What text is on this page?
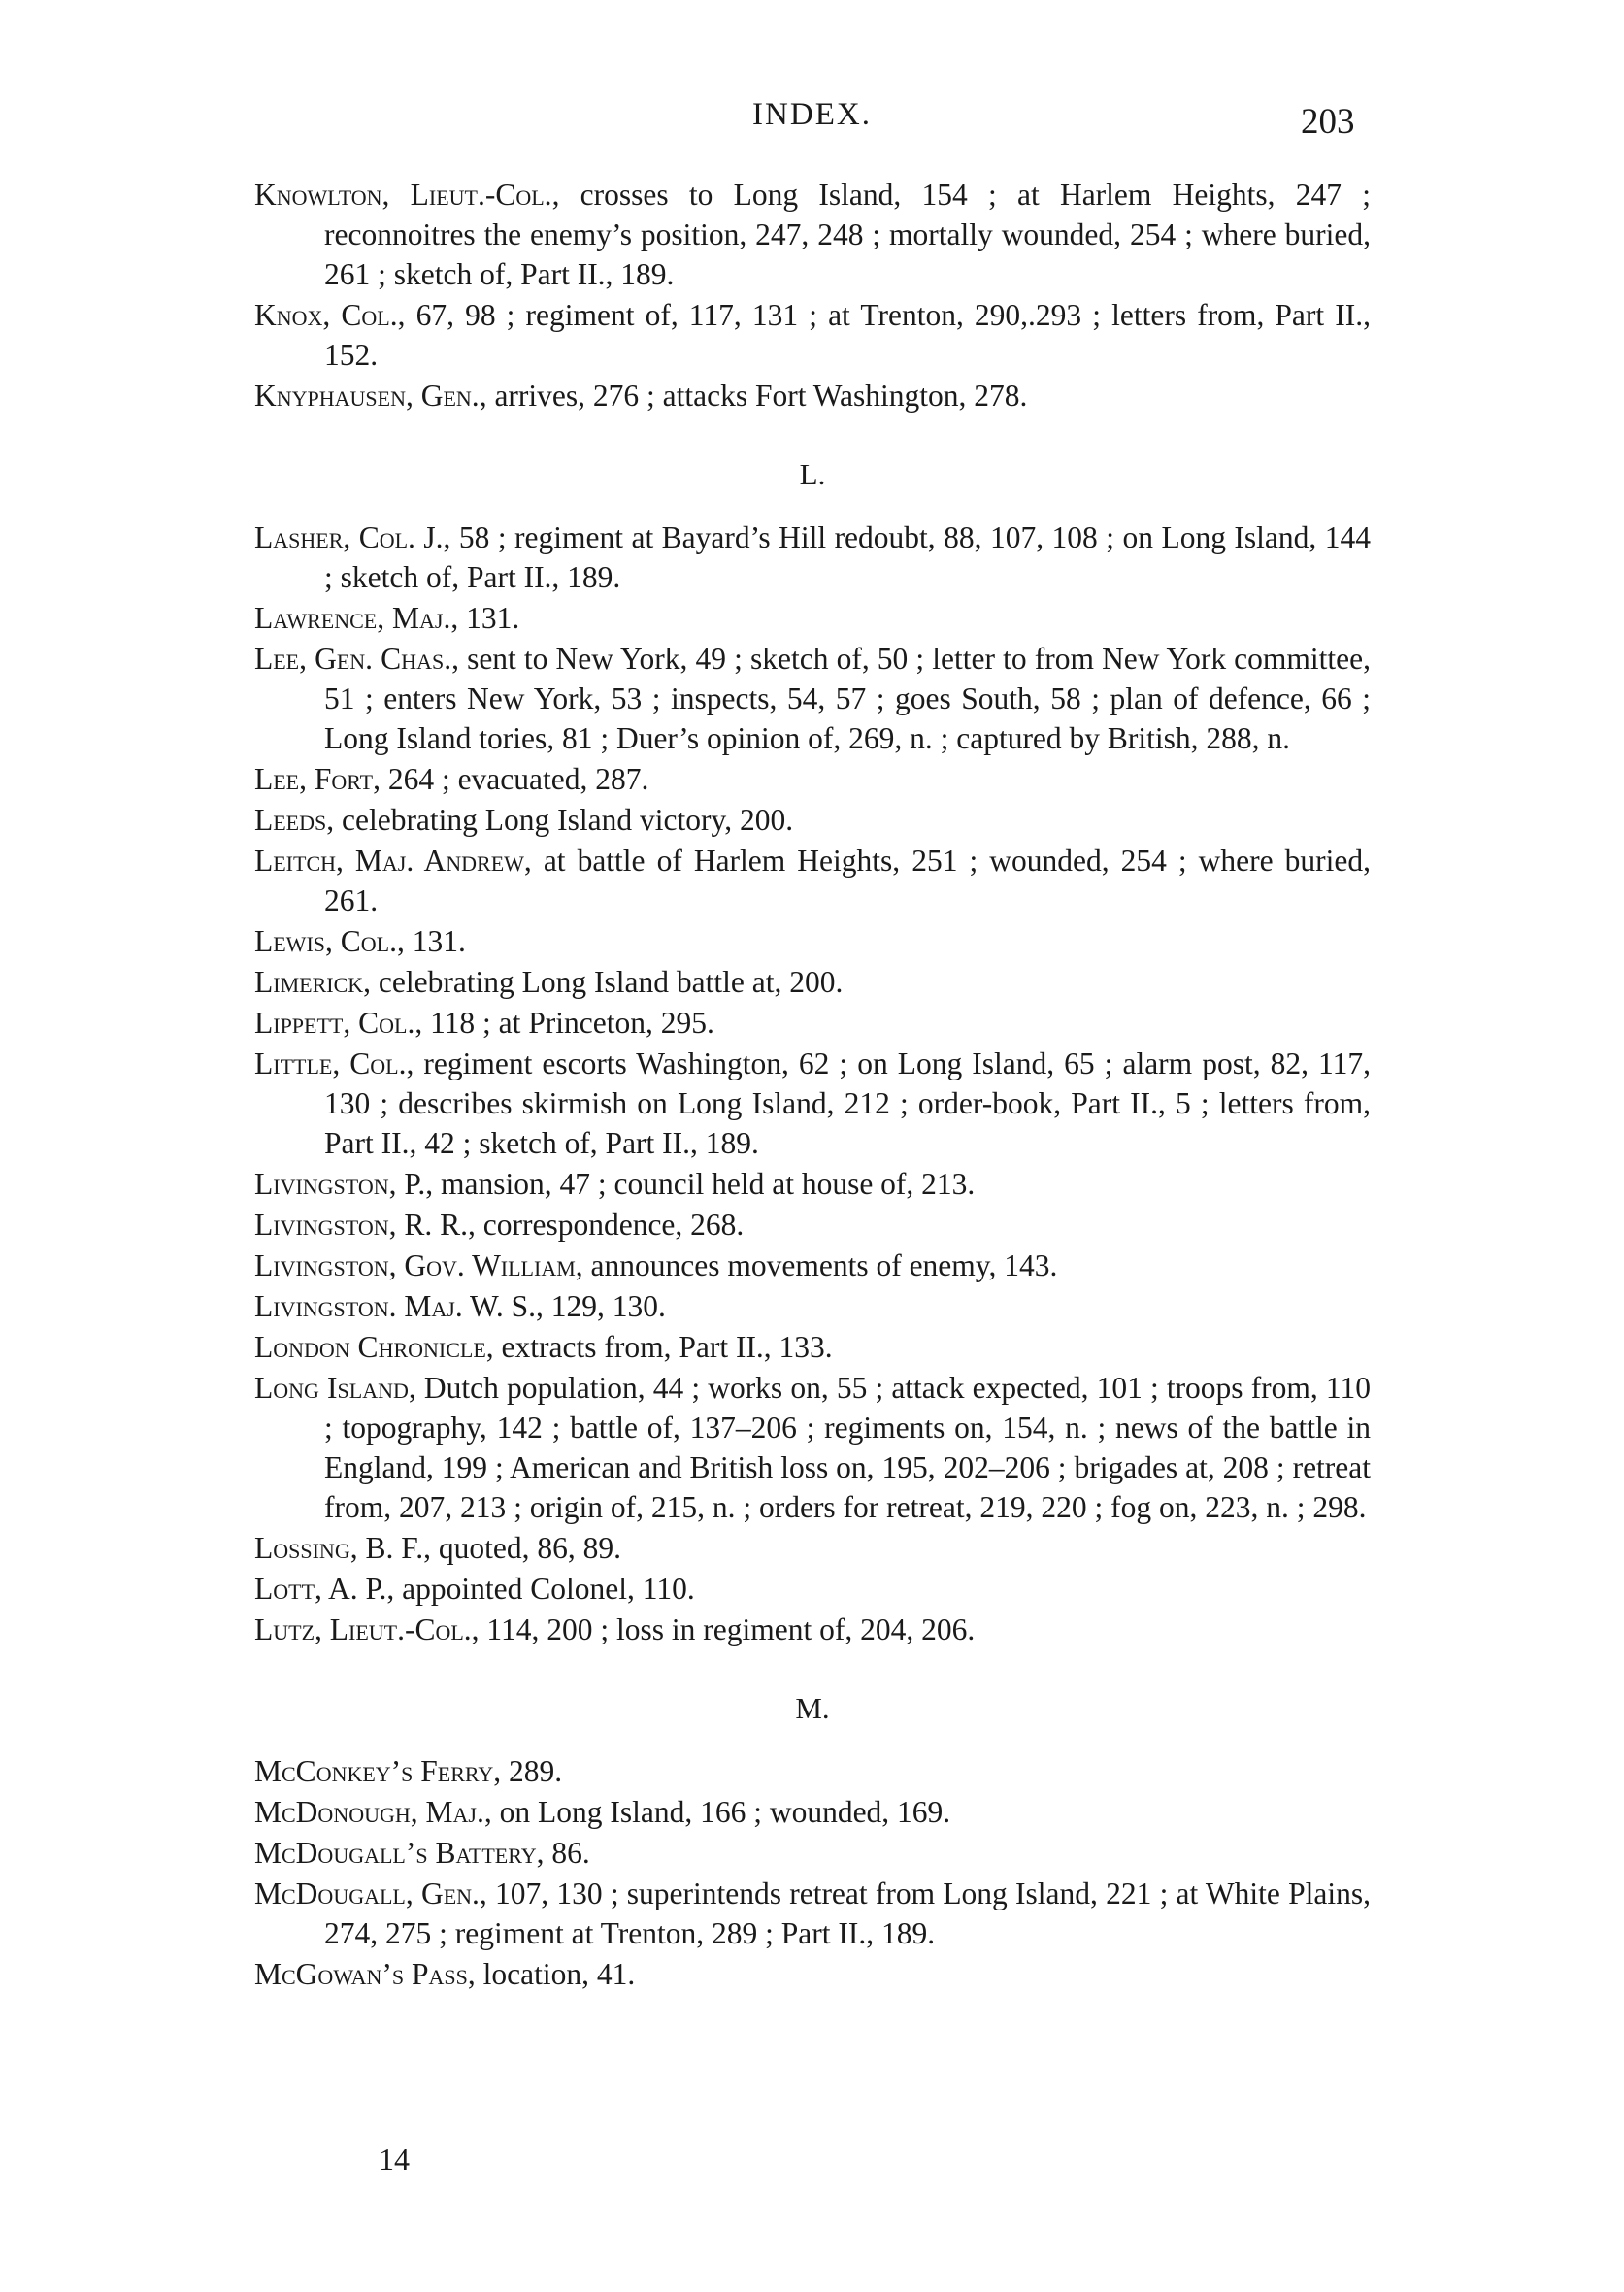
INDEX.	203

Knowlton, Lieut.-Col., crosses to Long Island, 154 ; at Harlem Heights, 247 ; reconnoitres the enemy’s position, 247, 248 ; mortally wounded, 254 ; where buried, 261 ; sketch of, Part II., 189.

Knox, Col., 67, 98 ; regiment of, 117, 131 ; at Trenton, 290,.293 ; letters from, Part II., 152.

Knyphausen, Gen., arrives, 276 ; attacks Fort Washington, 278.

L.

Lasher, Col. J., 58 ; regiment at Bayard’s Hill redoubt, 88, 107, 108 ; on Long Island, 144 ; sketch of, Part II., 189.

Lawrence, Maj., 131.

Lee, Gen. Chas., sent to New York, 49 ; sketch of, 50 ; letter to from New York committee, 51 ; enters New York, 53 ; inspects, 54, 57 ; goes South, 58 ; plan of defence, 66 ; Long Island tories, 81 ; Duer’s opinion of, 269, n. ; captured by British, 288, n.

Lee, Fort, 264 ; evacuated, 287.

Leeds, celebrating Long Island victory, 200.

Leitch, Maj. Andrew, at battle of Harlem Heights, 251 ; wounded, 254 ; where buried, 261.

Lewis, Col., 131.

Limerick, celebrating Long Island battle at, 200.

Lippett, Col., 118 ; at Princeton, 295.

Little, Col., regiment escorts Washington, 62 ; on Long Island, 65 ; alarm post, 82, 117, 130 ; describes skirmish on Long Island, 212 ; order-book, Part II., 5 ; letters from, Part II., 42 ; sketch of, Part II., 189.

Livingston, P., mansion, 47 ; council held at house of, 213.

Livingston, R. R., correspondence, 268.

Livingston, Gov. William, announces movements of enemy, 143.

Livingston. Maj. W. S., 129, 130.

London Chronicle, extracts from, Part II., 133.

Long Island, Dutch population, 44 ; works on, 55 ; attack expected, 101 ; troops from, 110 ; topography, 142 ; battle of, 137–206 ; regiments on, 154, n. ; news of the battle in England, 199 ; American and British loss on, 195, 202–206 ; brigades at, 208 ; retreat from, 207, 213 ; origin of, 215, n. ; orders for retreat, 219, 220 ; fog on, 223, n. ; 298.

Lossing, B. F., quoted, 86, 89.

Lott, A. P., appointed Colonel, 110.

Lutz, Lieut.-Col., 114, 200 ; loss in regiment of, 204, 206.

M.

McConkey’s Ferry, 289.

McDonough, Maj., on Long Island, 166 ; wounded, 169.

McDougall’s Battery, 86.

McDougall, Gen., 107, 130 ; superintends retreat from Long Island, 221 ; at White Plains, 274, 275 ; regiment at Trenton, 289 ; Part II., 189.

McGowan’s Pass, location, 41.

14
